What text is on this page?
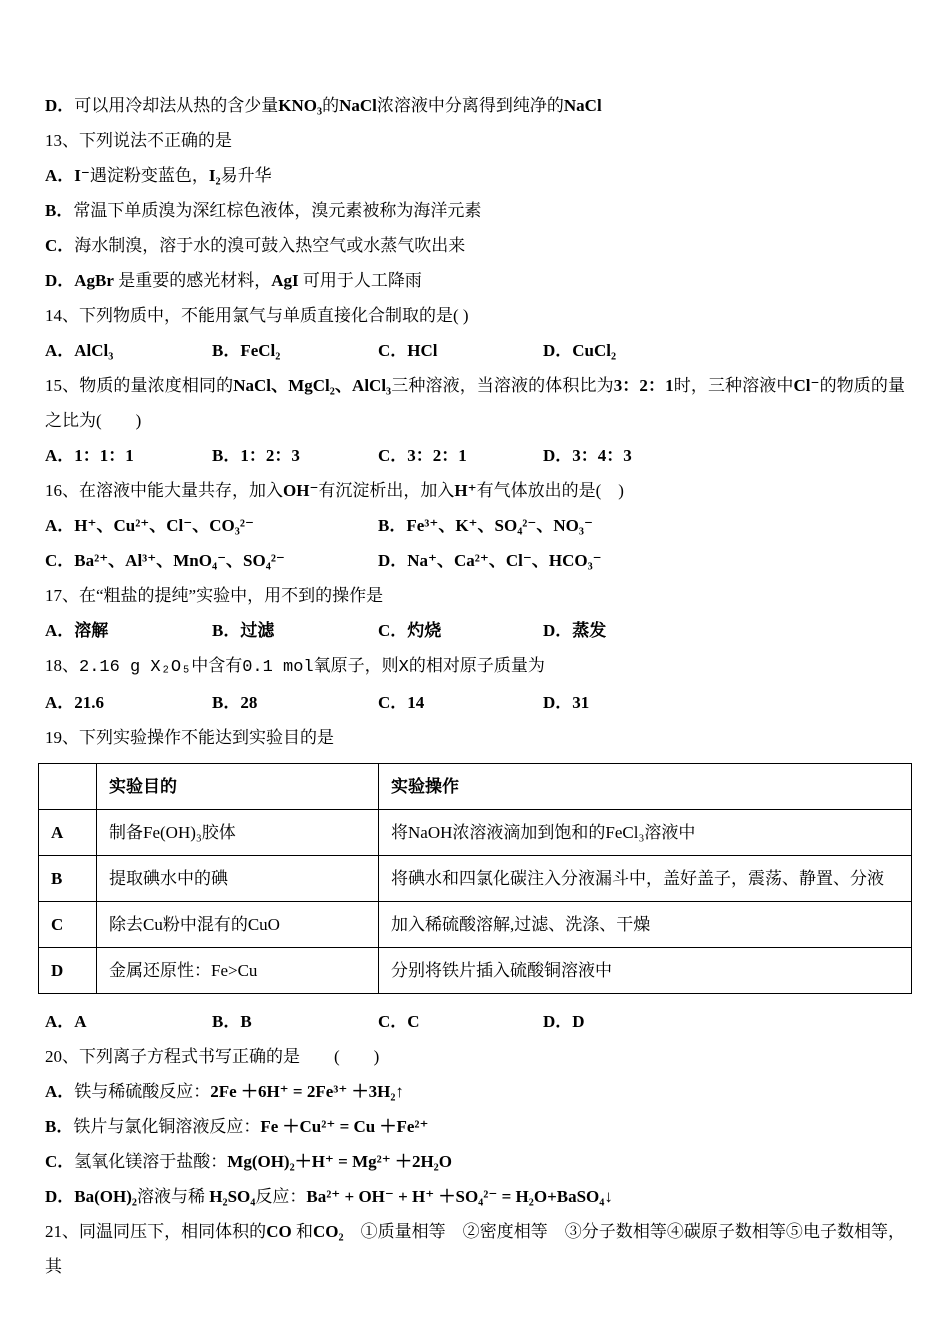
D．可以用冷却法从热的含少量KNO₃的NaCl浓溶液中分离得到纯净的NaCl
13、下列说法不正确的是
A．I⁻遇淀粉变蓝色，I₂易升华
B．常温下单质溴为深红棕色液体，溴元素被称为海洋元素
C．海水制溴，溶于水的溴可鼓入热空气或水蒸气吹出来
D．AgBr 是重要的感光材料，AgI 可用于人工降雨
14、下列物质中，不能用氯气与单质直接化合制取的是( )
A．AlCl₃	B．FeCl₂	C．HCl	D．CuCl₂
15、物质的量浓度相同的NaCl、MgCl₂、AlCl₃三种溶液，当溶液的体积比为3：2：1时，三种溶液中Cl⁻的物质的量之比为(　　)
A．1：1：1	B．1：2：3	C．3：2：1	D．3：4：3
16、在溶液中能大量共存，加入OH⁻有沉淀析出，加入H⁺有气体放出的是(　)
A．H⁺、Cu²⁺、Cl⁻、CO₃²⁻	B．Fe³⁺、K⁺、SO₄²⁻、NO₃⁻
C．Ba²⁺、Al³⁺、MnO₄⁻、SO₄²⁻	D．Na⁺、Ca²⁺、Cl⁻、HCO₃⁻
17、在“粗盐的提纯”实验中，用不到的操作是
A．溶解	B．过滤	C．灼烧	D．蒸发
18、2.16 g X₂O₅中含有0.1 mol氧原子，则X的相对原子质量为
A．21.6	B．28	C．14	D．31
19、下列实验操作不能达到实验目的是
	实验目的	实验操作
A	制备Fe(OH)₃胶体	将NaOH浓溶液滴加到饱和的FeCl₃溶液中
B	提取碘水中的碘	将碘水和四氯化碳注入分液漏斗中，盖好盖子，震荡、静置、分液
C	除去Cu粉中混有的CuO	加入稀硫酸溶解,过滤、洗涤、干燥
D	金属还原性：Fe>Cu	分别将铁片插入硫酸铜溶液中
A．A	B．B	C．C	D．D
20、下列离子方程式书写正确的是　　(　　)
A．铁与稀硫酸反应：2Fe ＋6H⁺ = 2Fe³⁺ ＋3H₂↑
B．铁片与氯化铜溶液反应：Fe ＋Cu²⁺ = Cu ＋Fe²⁺
C．氢氧化镁溶于盐酸：Mg(OH)₂＋H⁺ = Mg²⁺ ＋2H₂O
D．Ba(OH)₂溶液与稀 H₂SO₄反应：Ba²⁺ + OH⁻ + H⁺ ＋SO₄²⁻ = H₂O+BaSO₄↓
21、同温同压下，相同体积的CO 和CO₂　①质量相等　②密度相等　③分子数相等④碳原子数相等⑤电子数相等，其
